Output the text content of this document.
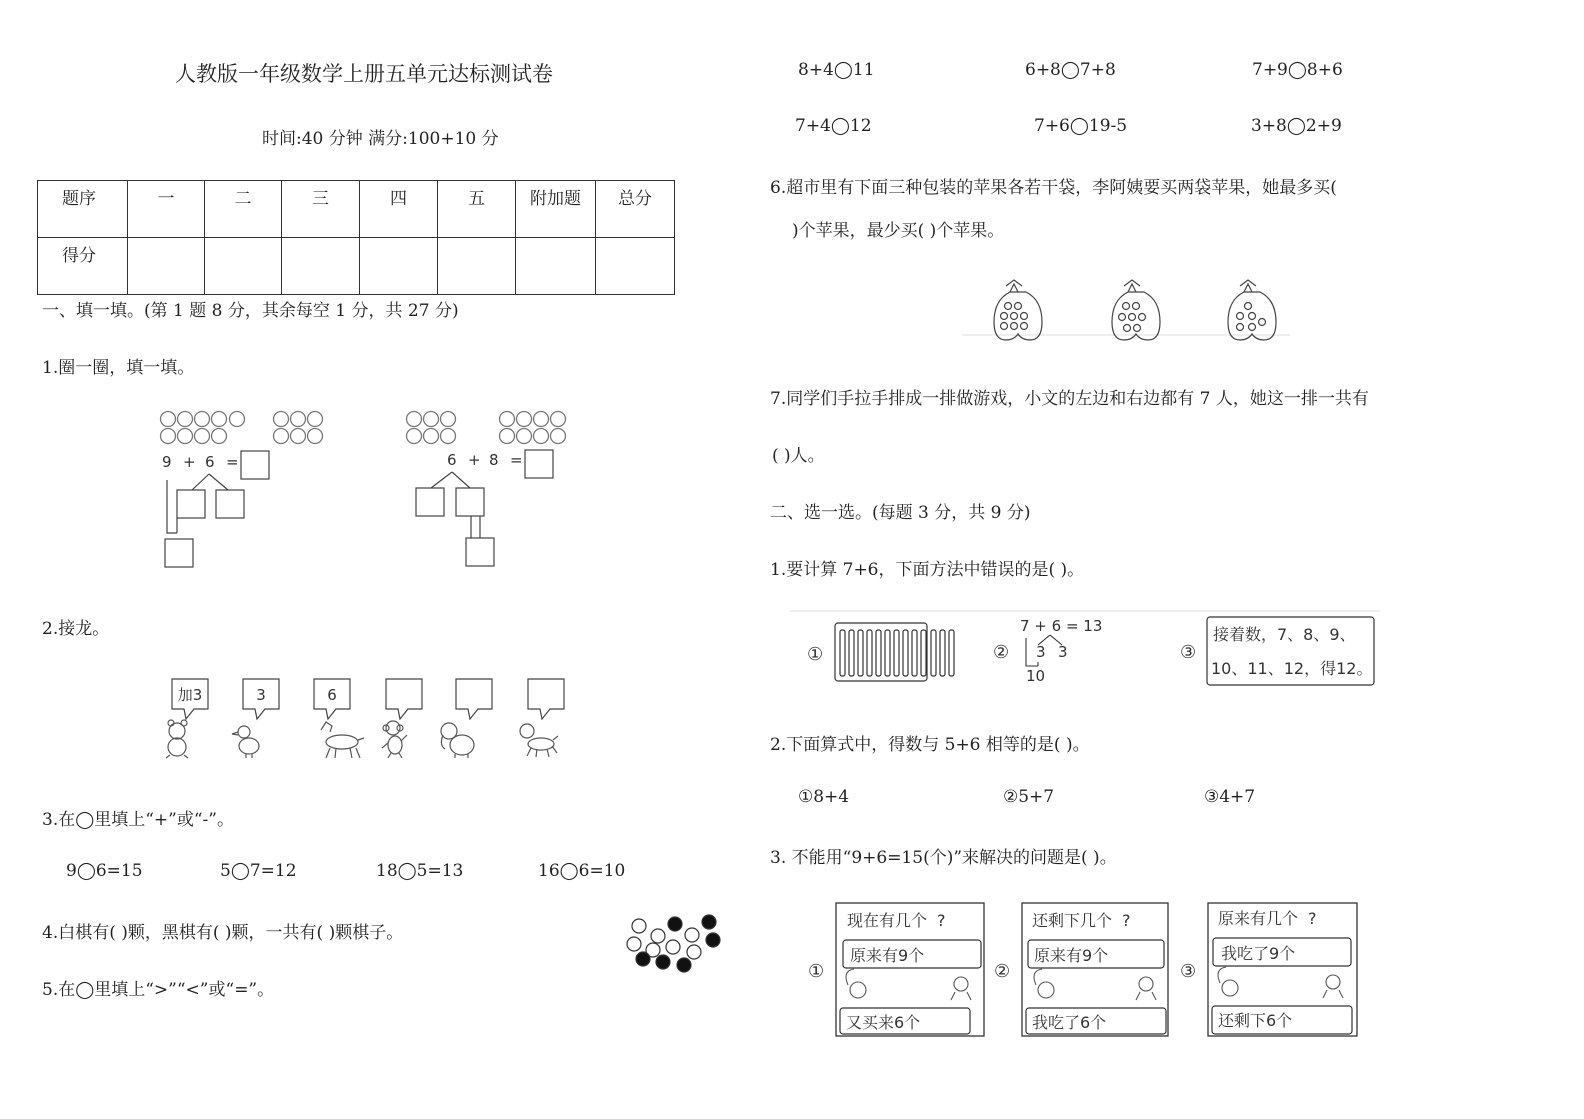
人教版一年级数学上册五单元达标测试卷
时间:40 分钟 满分:100+10 分
题序	一	二	三	四	五	附加题	总分
得分							
一、填一填。(第 1 题 8 分，其余每空 1 分，共 27 分)
1.圈一圈，填一填。
9 + 6 =	6 + 8 =
2.接龙。
加3	3	6
3.在◯里填上“+”或“-”。
9◯6=15	5◯7=12	18◯5=13	16◯6=10
4.白棋有( )颗，黑棋有( )颗，一共有( )颗棋子。
5.在◯里填上“>”“<”或“=”。
8+4◯11	6+8◯7+8	7+9◯8+6
7+4◯12	7+6◯19-5	3+8◯2+9
6.超市里有下面三种包装的苹果各若干袋，李阿姨要买两袋苹果，她最多买(
)个苹果，最少买( )个苹果。
7.同学们手拉手排成一排做游戏，小文的左边和右边都有 7 人，她这一排一共有
( )人。
二、选一选。(每题 3 分，共 9 分)
1.要计算 7+6，下面方法中错误的是( )。
①	②	③
7 + 6 = 13
3 3
10
接着数，7、8、9、
10、11、12，得12。
2.下面算式中，得数与 5+6 相等的是( )。
①8+4	②5+7	③4+7
3. 不能用“9+6=15(个)”来解决的问题是( )。
①	②	③
现在有几个 ?
原来有9个
又买来6个
还剩下几个 ?
原来有9个
我吃了6个
原来有几个 ?
我吃了9个
还剩下6个
